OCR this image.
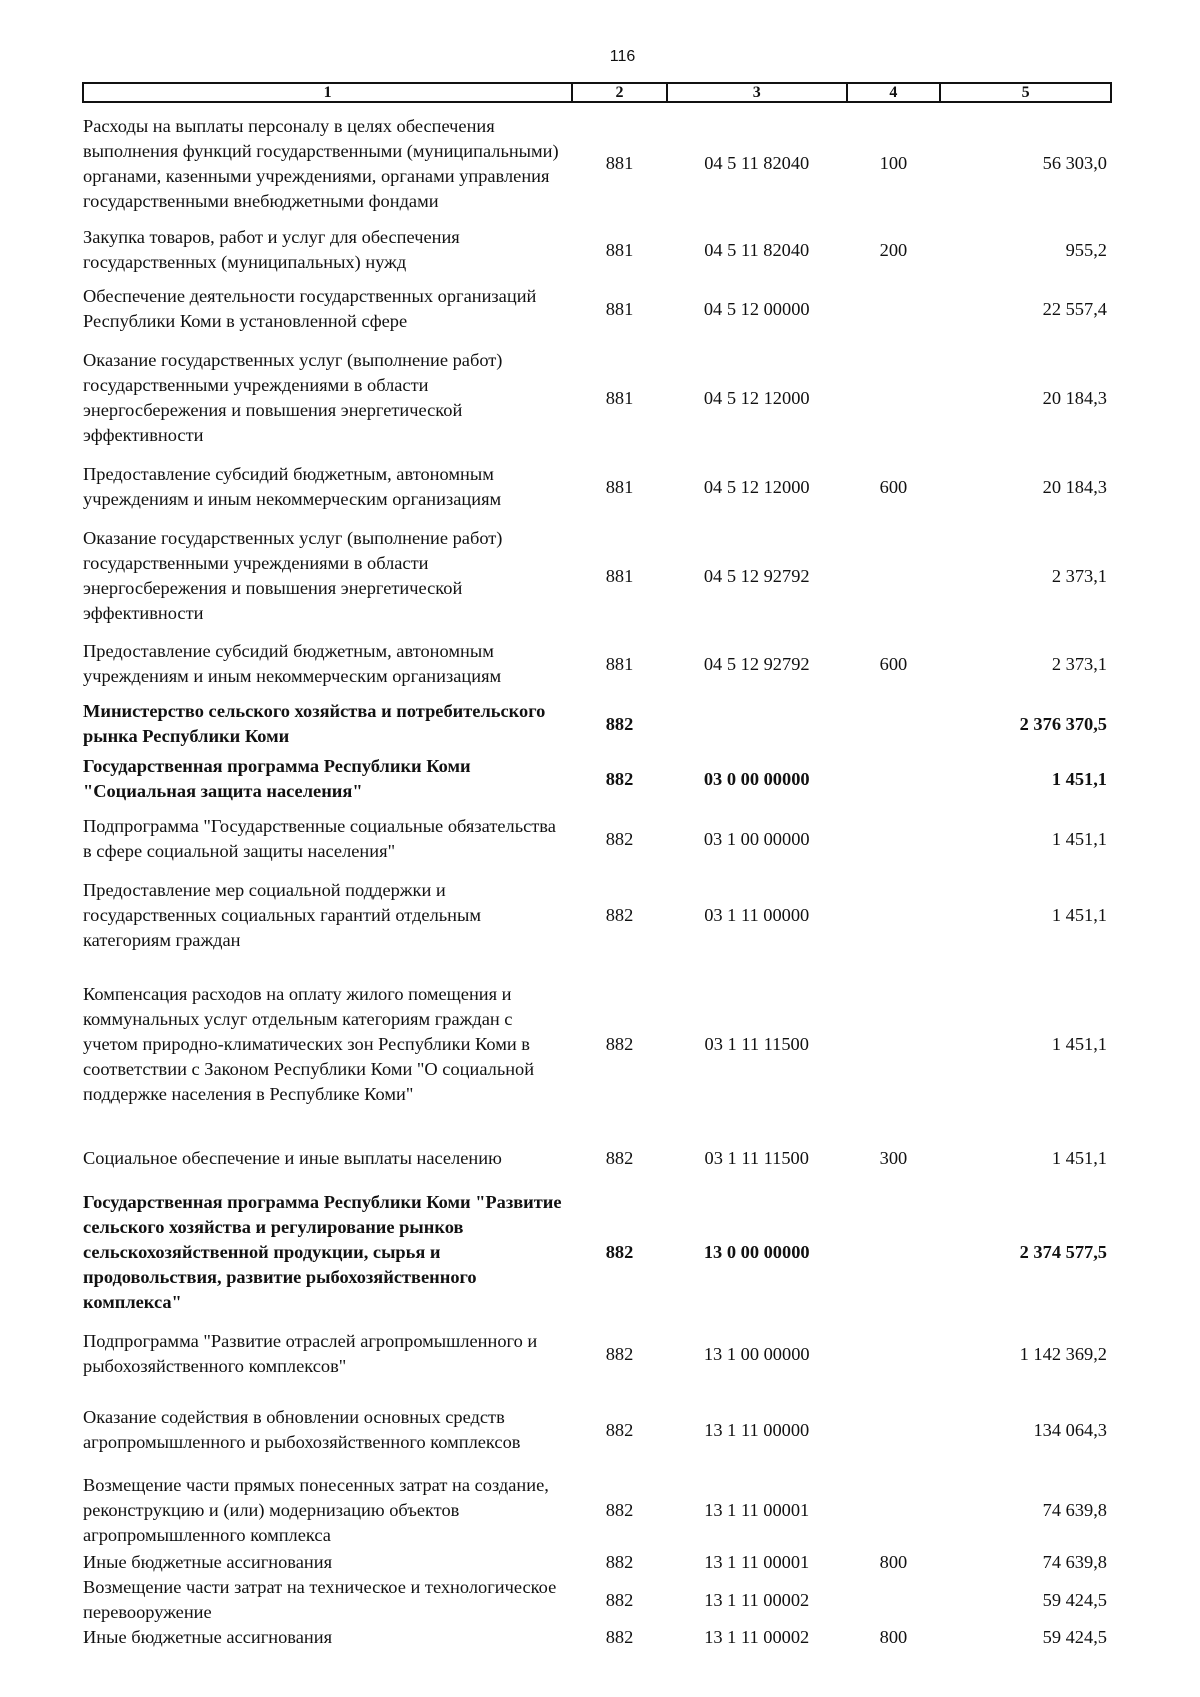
116
1	2	3	4	5
Расходы на выплаты персоналу в целях обеспечения выполнения функций государственными (муниципальными) органами, казенными учреждениями, органами управления государственными внебюджетными фондами	881	04 5 11 82040	100	56 303,0
Закупка товаров, работ и услуг для обеспечения государственных (муниципальных) нужд	881	04 5 11 82040	200	955,2
Обеспечение деятельности государственных организаций Республики Коми в установленной сфере	881	04 5 12 00000		22 557,4
Оказание государственных услуг (выполнение работ) государственными учреждениями в области энергосбережения и повышения энергетической эффективности	881	04 5 12 12000		20 184,3
Предоставление субсидий бюджетным, автономным учреждениям и иным некоммерческим организациям	881	04 5 12 12000	600	20 184,3
Оказание государственных услуг (выполнение работ) государственными учреждениями в области энергосбережения и повышения энергетической эффективности	881	04 5 12 92792		2 373,1
Предоставление субсидий бюджетным, автономным учреждениям и иным некоммерческим организациям	881	04 5 12 92792	600	2 373,1
Министерство сельского хозяйства и потребительского рынка Республики Коми	882			2 376 370,5
Государственная программа Республики Коми "Социальная защита населения"	882	03 0 00 00000		1 451,1
Подпрограмма "Государственные социальные обязательства в сфере социальной защиты населения"	882	03 1 00 00000		1 451,1
Предоставление мер социальной поддержки и государственных социальных гарантий отдельным категориям граждан	882	03 1 11 00000		1 451,1
Компенсация расходов на оплату жилого помещения и коммунальных услуг отдельным категориям граждан с учетом природно-климатических зон Республики Коми в соответствии с Законом Республики Коми "О социальной поддержке населения в Республике Коми"	882	03 1 11 11500		1 451,1
Социальное обеспечение и иные выплаты населению	882	03 1 11 11500	300	1 451,1
Государственная программа Республики Коми "Развитие сельского хозяйства и регулирование рынков сельскохозяйственной продукции, сырья и продовольствия, развитие рыбохозяйственного комплекса"	882	13 0 00 00000		2 374 577,5
Подпрограмма "Развитие отраслей агропромышленного и рыбохозяйственного комплексов"	882	13 1 00 00000		1 142 369,2
Оказание содействия в обновлении основных средств агропромышленного и рыбохозяйственного комплексов	882	13 1 11 00000		134 064,3
Возмещение части прямых понесенных затрат на создание, реконструкцию и (или) модернизацию объектов агропромышленного комплекса	882	13 1 11 00001		74 639,8
Иные бюджетные ассигнования	882	13 1 11 00001	800	74 639,8
Возмещение части затрат на техническое и технологическое перевооружение	882	13 1 11 00002		59 424,5
Иные бюджетные ассигнования	882	13 1 11 00002	800	59 424,5
